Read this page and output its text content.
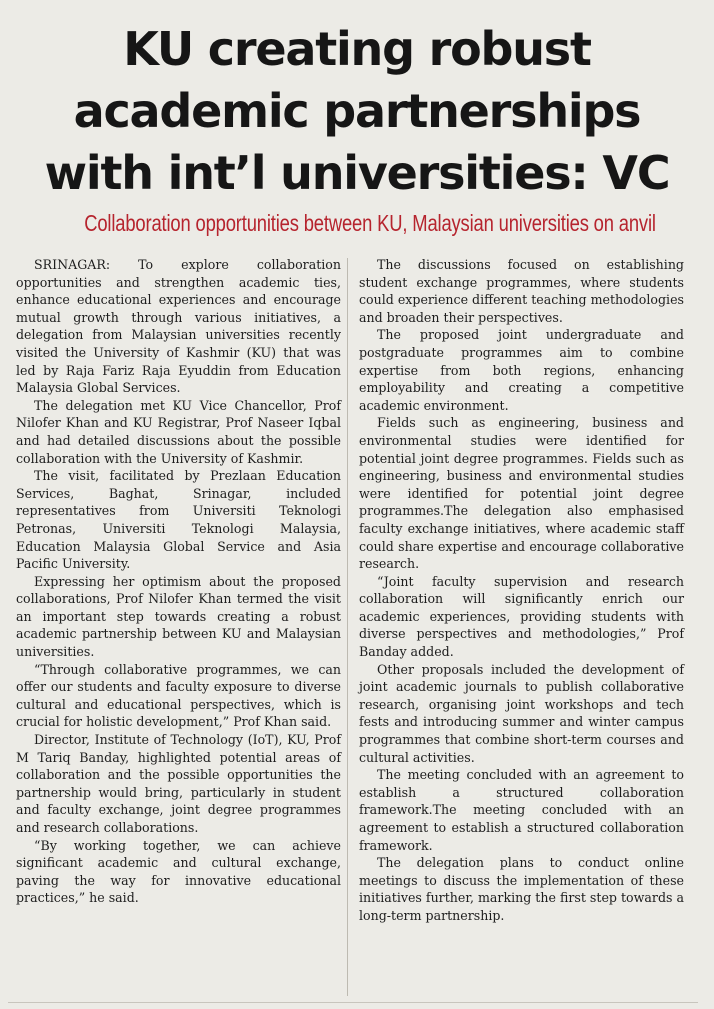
KU creating robust
academic partnerships
with int’l universities: VC
Collaboration opportunities between KU, Malaysian universities on anvil

SRINAGAR: To explore collaboration opportunities and strengthen academic ties, enhance educational experiences and encourage mutual growth through various initiatives, a delegation from Malaysian universities recently visited the University of Kashmir (KU) that was led by Raja Fariz Raja Eyuddin from Education Malaysia Global Services.

The delegation met KU Vice Chancellor, Prof Nilofer Khan and KU Registrar, Prof Naseer Iqbal and had detailed discussions about the possible collaboration with the University of Kashmir.

The visit, facilitated by Prezlaan Education Services, Baghat, Srinagar, included representatives from Universiti Teknologi Petronas, Universiti Teknologi Malaysia, Education Malaysia Global Service and Asia Pacific University.

Expressing her optimism about the proposed collaborations, Prof Nilofer Khan termed the visit an important step towards creating a robust academic partnership between KU and Malaysian universities.

“Through collaborative programmes, we can offer our students and faculty exposure to diverse cultural and educational perspectives, which is crucial for holistic development,” Prof Khan said.

Director, Institute of Technology (IoT), KU, Prof M Tariq Banday, highlighted potential areas of collaboration and the possible opportunities the partnership would bring, particularly in student and faculty exchange, joint degree programmes and research collaborations.

“By working together, we can achieve significant academic and cultural exchange, paving the way for innovative educational practices,” he said.

The discussions focused on establishing student exchange programmes, where students could experience different teaching methodologies and broaden their perspectives.

The proposed joint undergraduate and postgraduate programmes aim to combine expertise from both regions, enhancing employability and creating a competitive academic environment.

Fields such as engineering, business and environmental studies were identified for potential joint degree programmes. Fields such as engineering, business and environmental studies were identified for potential joint degree programmes.The delegation also emphasised faculty exchange initiatives, where academic staff could share expertise and encourage collaborative research.

“Joint faculty supervision and research collaboration will significantly enrich our academic experiences, providing students with diverse perspectives and methodologies,” Prof Banday added.

Other proposals included the development of joint academic journals to publish collaborative research, organising joint workshops and tech fests and introducing summer and winter campus programmes that combine short-term courses and cultural activities.

The meeting concluded with an agreement to establish a structured collaboration framework.The meeting concluded with an agreement to establish a structured collaboration framework.

The delegation plans to conduct online meetings to discuss the implementation of these initiatives further, marking the first step towards a long-term partnership.
